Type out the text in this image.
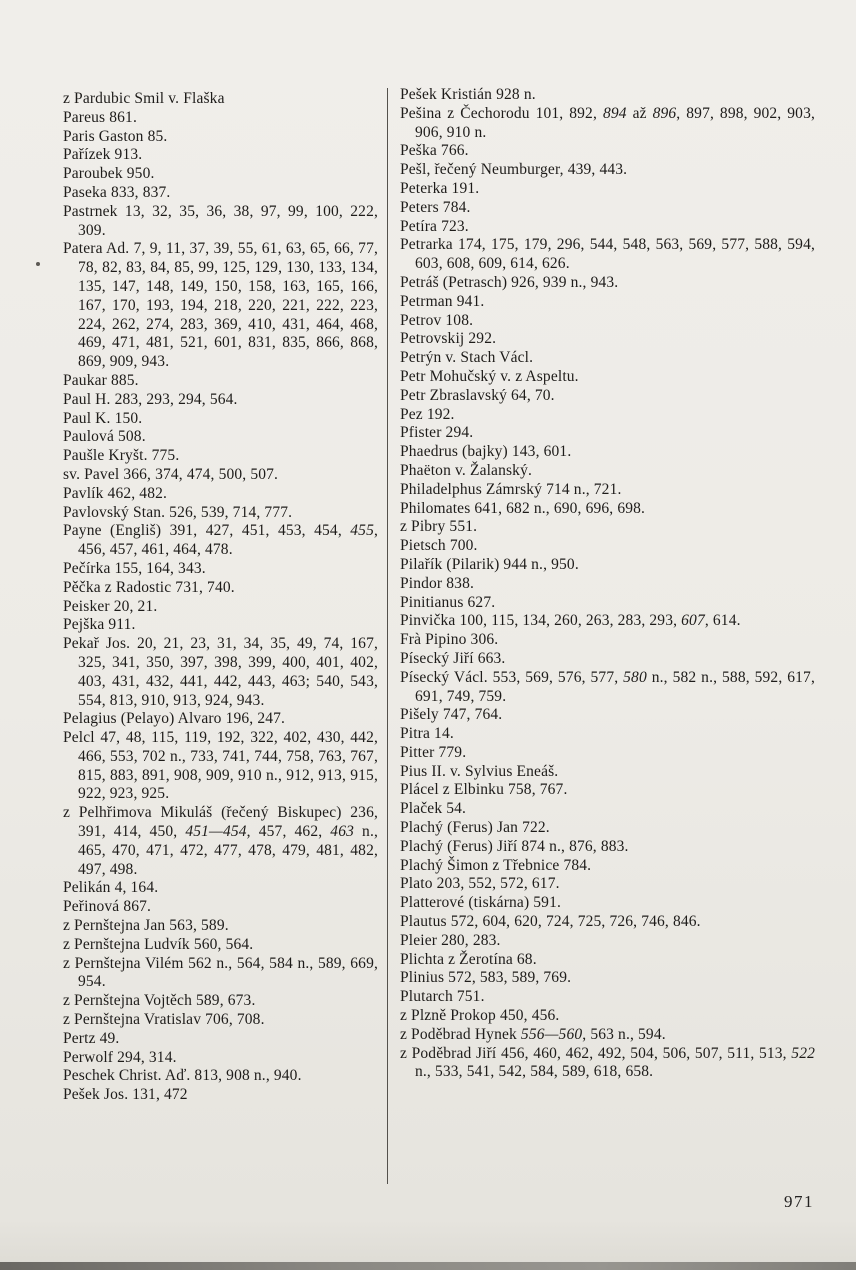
z Pardubic Smil v. Flaška

Pareus 861.

Paris Gaston 85.

Pařízek 913.

Paroubek 950.

Paseka 833, 837.

Pastrnek 13, 32, 35, 36, 38, 97, 99, 100, 222, 309.

Patera Ad. 7, 9, 11, 37, 39, 55, 61, 63, 65, 66, 77, 78, 82, 83, 84, 85, 99, 125, 129, 130, 133, 134, 135, 147, 148, 149, 150, 158, 163, 165, 166, 167, 170, 193, 194, 218, 220, 221, 222, 223, 224, 262, 274, 283, 369, 410, 431, 464, 468, 469, 471, 481, 521, 601, 831, 835, 866, 868, 869, 909, 943.

Paukar 885.

Paul H. 283, 293, 294, 564.

Paul K. 150.

Paulová 508.

Paušle Kryšt. 775.

sv. Pavel 366, 374, 474, 500, 507.

Pavlík 462, 482.

Pavlovský Stan. 526, 539, 714, 777.

Payne (Engliš) 391, 427, 451, 453, 454, 455, 456, 457, 461, 464, 478.

Pečírka 155, 164, 343.

Pěčka z Radostic 731, 740.

Peisker 20, 21.

Pejška 911.

Pekař Jos. 20, 21, 23, 31, 34, 35, 49, 74, 167, 325, 341, 350, 397, 398, 399, 400, 401, 402, 403, 431, 432, 441, 442, 443, 463; 540, 543, 554, 813, 910, 913, 924, 943.

Pelagius (Pelayo) Alvaro 196, 247.

Pelcl 47, 48, 115, 119, 192, 322, 402, 430, 442, 466, 553, 702 n., 733, 741, 744, 758, 763, 767, 815, 883, 891, 908, 909, 910 n., 912, 913, 915, 922, 923, 925.

z Pelhřimova Mikuláš (řečený Biskupec) 236, 391, 414, 450, 451—454, 457, 462, 463 n., 465, 470, 471, 472, 477, 478, 479, 481, 482, 497, 498.

Pelikán 4, 164.

Peřinová 867.

z Pernštejna Jan 563, 589.

z Pernštejna Ludvík 560, 564.

z Pernštejna Vilém 562 n., 564, 584 n., 589, 669, 954.

z Pernštejna Vojtěch 589, 673.

z Pernštejna Vratislav 706, 708.

Pertz 49.

Perwolf 294, 314.

Peschek Christ. Aď. 813, 908 n., 940.

Pešek Jos. 131, 472

Pešek Kristián 928 n.

Pešina z Čechorodu 101, 892, 894 až 896, 897, 898, 902, 903, 906, 910 n.

Peška 766.

Pešl, řečený Neumburger, 439, 443.

Peterka 191.

Peters 784.

Petíra 723.

Petrarka 174, 175, 179, 296, 544, 548, 563, 569, 577, 588, 594, 603, 608, 609, 614, 626.

Petráš (Petrasch) 926, 939 n., 943.

Petrman 941.

Petrov 108.

Petrovskij 292.

Petrýn v. Stach Václ.

Petr Mohučský v. z Aspeltu.

Petr Zbraslavský 64, 70.

Pez 192.

Pfister 294.

Phaedrus (bajky) 143, 601.

Phaëton v. Žalanský.

Philadelphus Zámrský 714 n., 721.

Philomates 641, 682 n., 690, 696, 698.

z Pibry 551.

Pietsch 700.

Pilařík (Pilarik) 944 n., 950.

Pindor 838.

Pinitianus 627.

Pinvička 100, 115, 134, 260, 263, 283, 293, 607, 614.

Frà Pipino 306.

Písecký Jiří 663.

Písecký Václ. 553, 569, 576, 577, 580 n., 582 n., 588, 592, 617, 691, 749, 759.

Pišely 747, 764.

Pitra 14.

Pitter 779.

Pius II. v. Sylvius Eneáš.

Plácel z Elbinku 758, 767.

Plaček 54.

Plachý (Ferus) Jan 722.

Plachý (Ferus) Jiří 874 n., 876, 883.

Plachý Šimon z Třebnice 784.

Plato 203, 552, 572, 617.

Platterové (tiskárna) 591.

Plautus 572, 604, 620, 724, 725, 726, 746, 846.

Pleier 280, 283.

Plichta z Žerotína 68.

Plinius 572, 583, 589, 769.

Plutarch 751.

z Plzně Prokop 450, 456.

z Poděbrad Hynek 556—560, 563 n., 594.

z Poděbrad Jiří 456, 460, 462, 492, 504, 506, 507, 511, 513, 522 n., 533, 541, 542, 584, 589, 618, 658.

971
